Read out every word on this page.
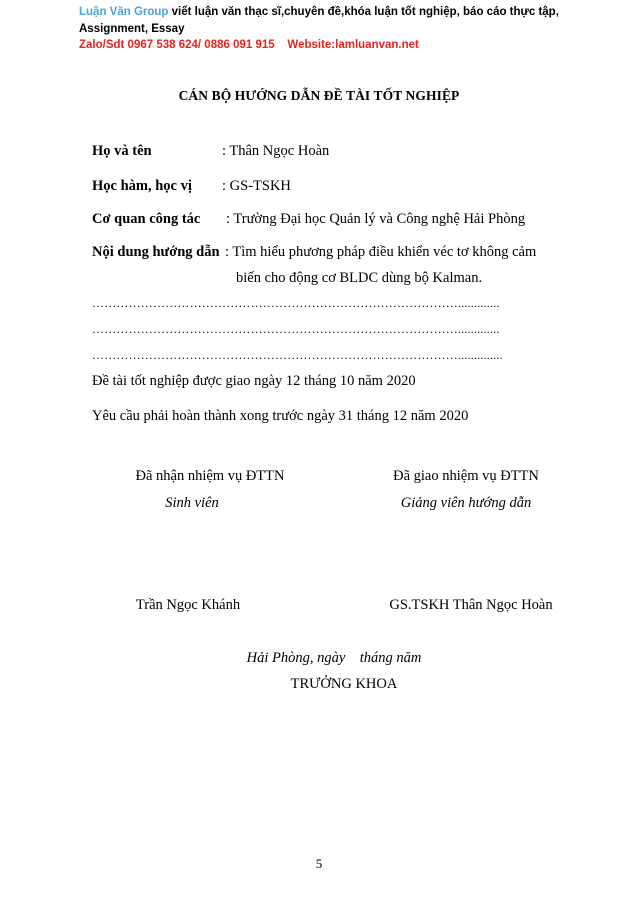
Luận Văn Group viết luận văn thạc sĩ,chuyên đề,khóa luận tốt nghiệp, báo cáo thực tập,
Assignment, Essay
Zalo/Sdt 0967 538 624/ 0886 091 915 Website:lamluanvan.net
CÁN BỘ HƯỚNG DẪN ĐỀ TÀI TỐT NGHIỆP
Họ và tên	: Thân Ngọc Hoàn
Học hàm, học vị : GS-TSKH
Cơ quan công tác : Trường Đại học Quản lý và Công nghệ Hải Phòng
Nội dung hướng dẫn : Tìm hiểu phương pháp điều khiển véc tơ không cảm
biến cho động cơ BLDC dùng bộ Kalman.
……………………………………………………………………………….............
……………………………………………………………………………….............
………………………………………………………………………………..............
Đề tài tốt nghiệp được giao ngày 12 tháng 10 năm 2020
Yêu cầu phải hoàn thành xong trước ngày 31 tháng 12 năm 2020
Đã nhận nhiệm vụ ĐTTN
Sinh viên
Đã giao nhiệm vụ ĐTTN
Giảng viên hướng dẫn
Trần Ngọc Khánh	GS.TSKH Thân Ngọc Hoàn
Hải Phòng, ngày    tháng năm
TRƯỞNG KHOA
5
